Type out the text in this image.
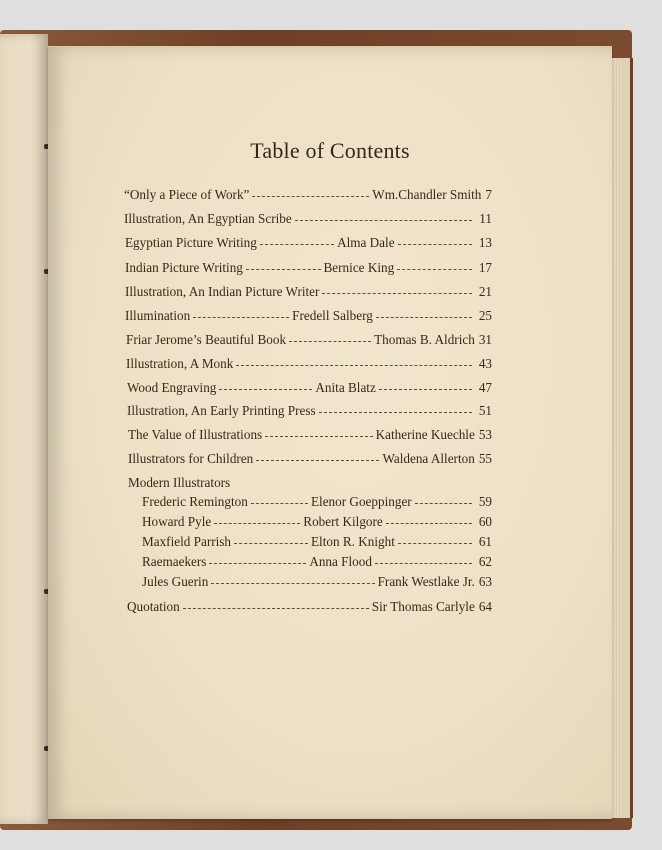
Table of Contents
“Only a Piece of Work”	Wm.Chandler Smith 7
Illustration, An Egyptian Scribe	11
Egyptian Picture Writing	Alma Dale	13
Indian Picture Writing	Bernice King	17
Illustration, An Indian Picture Writer	21
Illumination	Fredell Salberg	25
Friar Jerome’s Beautiful Book	Thomas B. Aldrich 31
Illustration, A Monk	43
Wood Engraving	Anita Blatz	47
Illustration, An Early Printing Press	51
The Value of Illustrations	Katherine Kuechle 53
Illustrators for Children	Waldena Allerton 55
Modern Illustrators
Frederic Remington	Elenor Goeppinger	59
Howard Pyle	Robert Kilgore	60
Maxfield Parrish	Elton R. Knight	61
Raemaekers	Anna Flood	62
Jules Guerin	Frank Westlake Jr. 63
Quotation	Sir Thomas Carlyle 64
